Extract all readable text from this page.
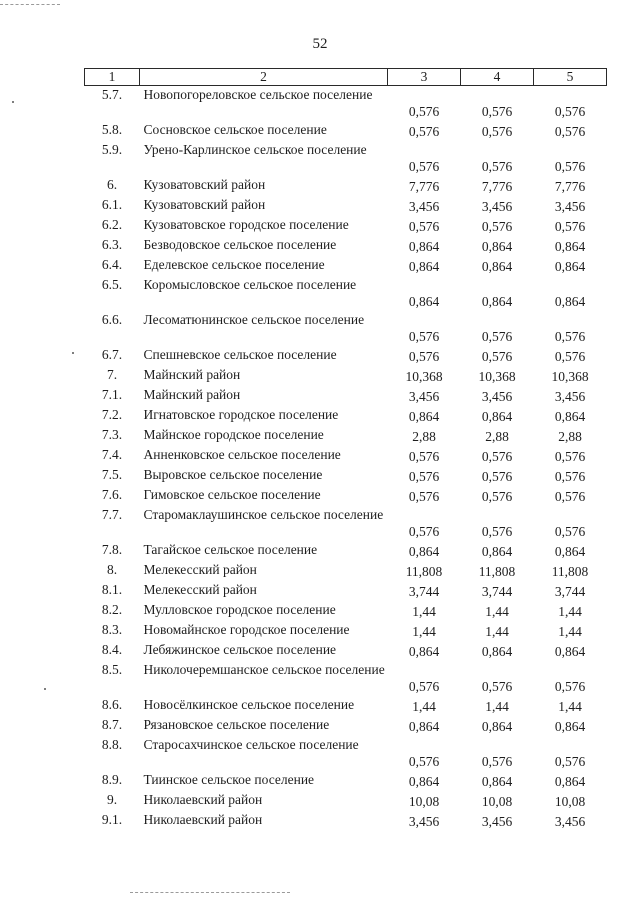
52
1	2	3	4	5
5.7.	Новопогореловское сельское поселение	0,576	0,576	0,576
5.8.	Сосновское сельское поселение	0,576	0,576	0,576
5.9.	Урено-Карлинское сельское поселение	0,576	0,576	0,576
6.	Кузоватовский район	7,776	7,776	7,776
6.1.	Кузоватовский район	3,456	3,456	3,456
6.2.	Кузоватовское городское поселение	0,576	0,576	0,576
6.3.	Безводовское сельское поселение	0,864	0,864	0,864
6.4.	Еделевское сельское поселение	0,864	0,864	0,864
6.5.	Коромысловское сельское поселение	0,864	0,864	0,864
6.6.	Лесоматюнинское сельское поселение	0,576	0,576	0,576
6.7.	Спешневское сельское поселение	0,576	0,576	0,576
7.	Майнский район	10,368	10,368	10,368
7.1.	Майнский район	3,456	3,456	3,456
7.2.	Игнатовское городское поселение	0,864	0,864	0,864
7.3.	Майнское городское поселение	2,88	2,88	2,88
7.4.	Анненковское сельское поселение	0,576	0,576	0,576
7.5.	Выровское сельское поселение	0,576	0,576	0,576
7.6.	Гимовское сельское поселение	0,576	0,576	0,576
7.7.	Старомаклаушинское сельское поселение	0,576	0,576	0,576
7.8.	Тагайское сельское поселение	0,864	0,864	0,864
8.	Мелекесский район	11,808	11,808	11,808
8.1.	Мелекесский район	3,744	3,744	3,744
8.2.	Мулловское городское поселение	1,44	1,44	1,44
8.3.	Новомайнское городское поселение	1,44	1,44	1,44
8.4.	Лебяжинское сельское поселение	0,864	0,864	0,864
8.5.	Николочеремшанское сельское поселение	0,576	0,576	0,576
8.6.	Новосёлкинское сельское поселение	1,44	1,44	1,44
8.7.	Рязановское сельское поселение	0,864	0,864	0,864
8.8.	Старосахчинское сельское поселение	0,576	0,576	0,576
8.9.	Тиинское сельское поселение	0,864	0,864	0,864
9.	Николаевский район	10,08	10,08	10,08
9.1.	Николаевский район	3,456	3,456	3,456
